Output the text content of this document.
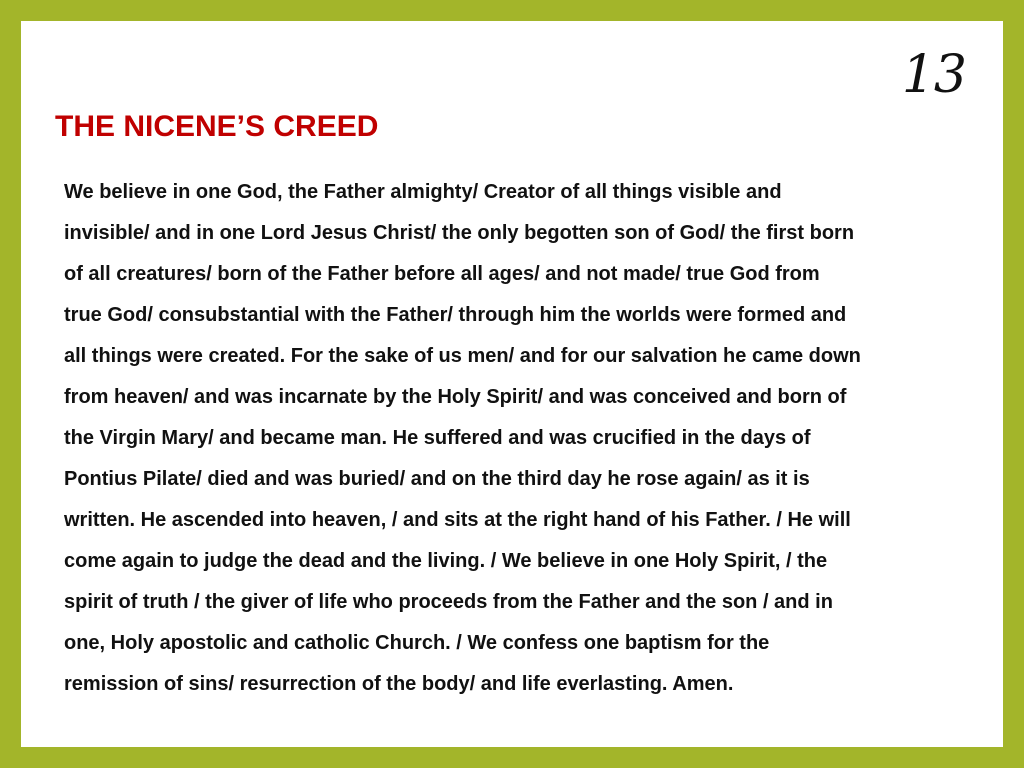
13
THE NICENE’S CREED
We believe in one God, the Father almighty/ Creator of all things visible and
invisible/ and in one Lord Jesus Christ/ the only begotten son of God/ the first born
of all creatures/ born of the Father before all ages/ and not made/ true God from
true God/ consubstantial with the Father/ through him the worlds were formed and
all things were created. For the sake of us men/ and for our salvation he came down
from heaven/ and was incarnate by the Holy Spirit/ and was conceived and born of
the Virgin Mary/ and became man. He suffered and was crucified in the days of
Pontius Pilate/ died and was buried/ and on the third day he rose again/ as it is
written. He ascended into heaven, / and sits at the right hand of his Father. / He will
come again to judge the dead and the living. / We believe in one Holy Spirit, / the
spirit of truth / the giver of life who proceeds from the Father and the son / and in
one, Holy apostolic and catholic Church. / We confess one baptism for the
remission of sins/ resurrection of the body/ and life everlasting. Amen.
